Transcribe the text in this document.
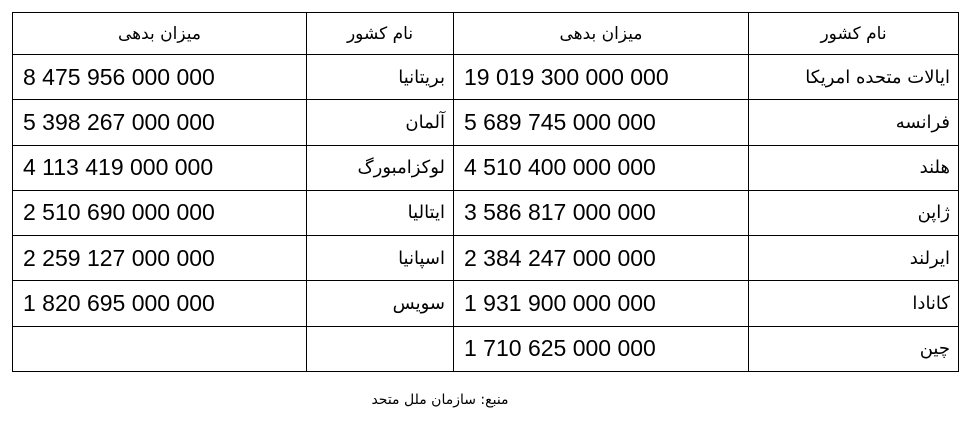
نام کشور	میزان بدهی	نام کشور	میزان بدهی
ایالات متحده امریکا	19 019 300 000 000	بریتانیا	8 475 956 000 000
فرانسه	5 689 745 000 000	آلمان	5 398 267 000 000
هلند	4 510 400 000 000	لوکزامبورگ	4 113 419 000 000
ژاپن	3 586 817 000 000	ایتالیا	2 510 690 000 000
ایرلند	2 384 247 000 000	اسپانیا	2 259 127 000 000
کانادا	1 931 900 000 000	سویس	1 820 695 000 000
چین	1 710 625 000 000		
منبع: سازمان ملل متحد
